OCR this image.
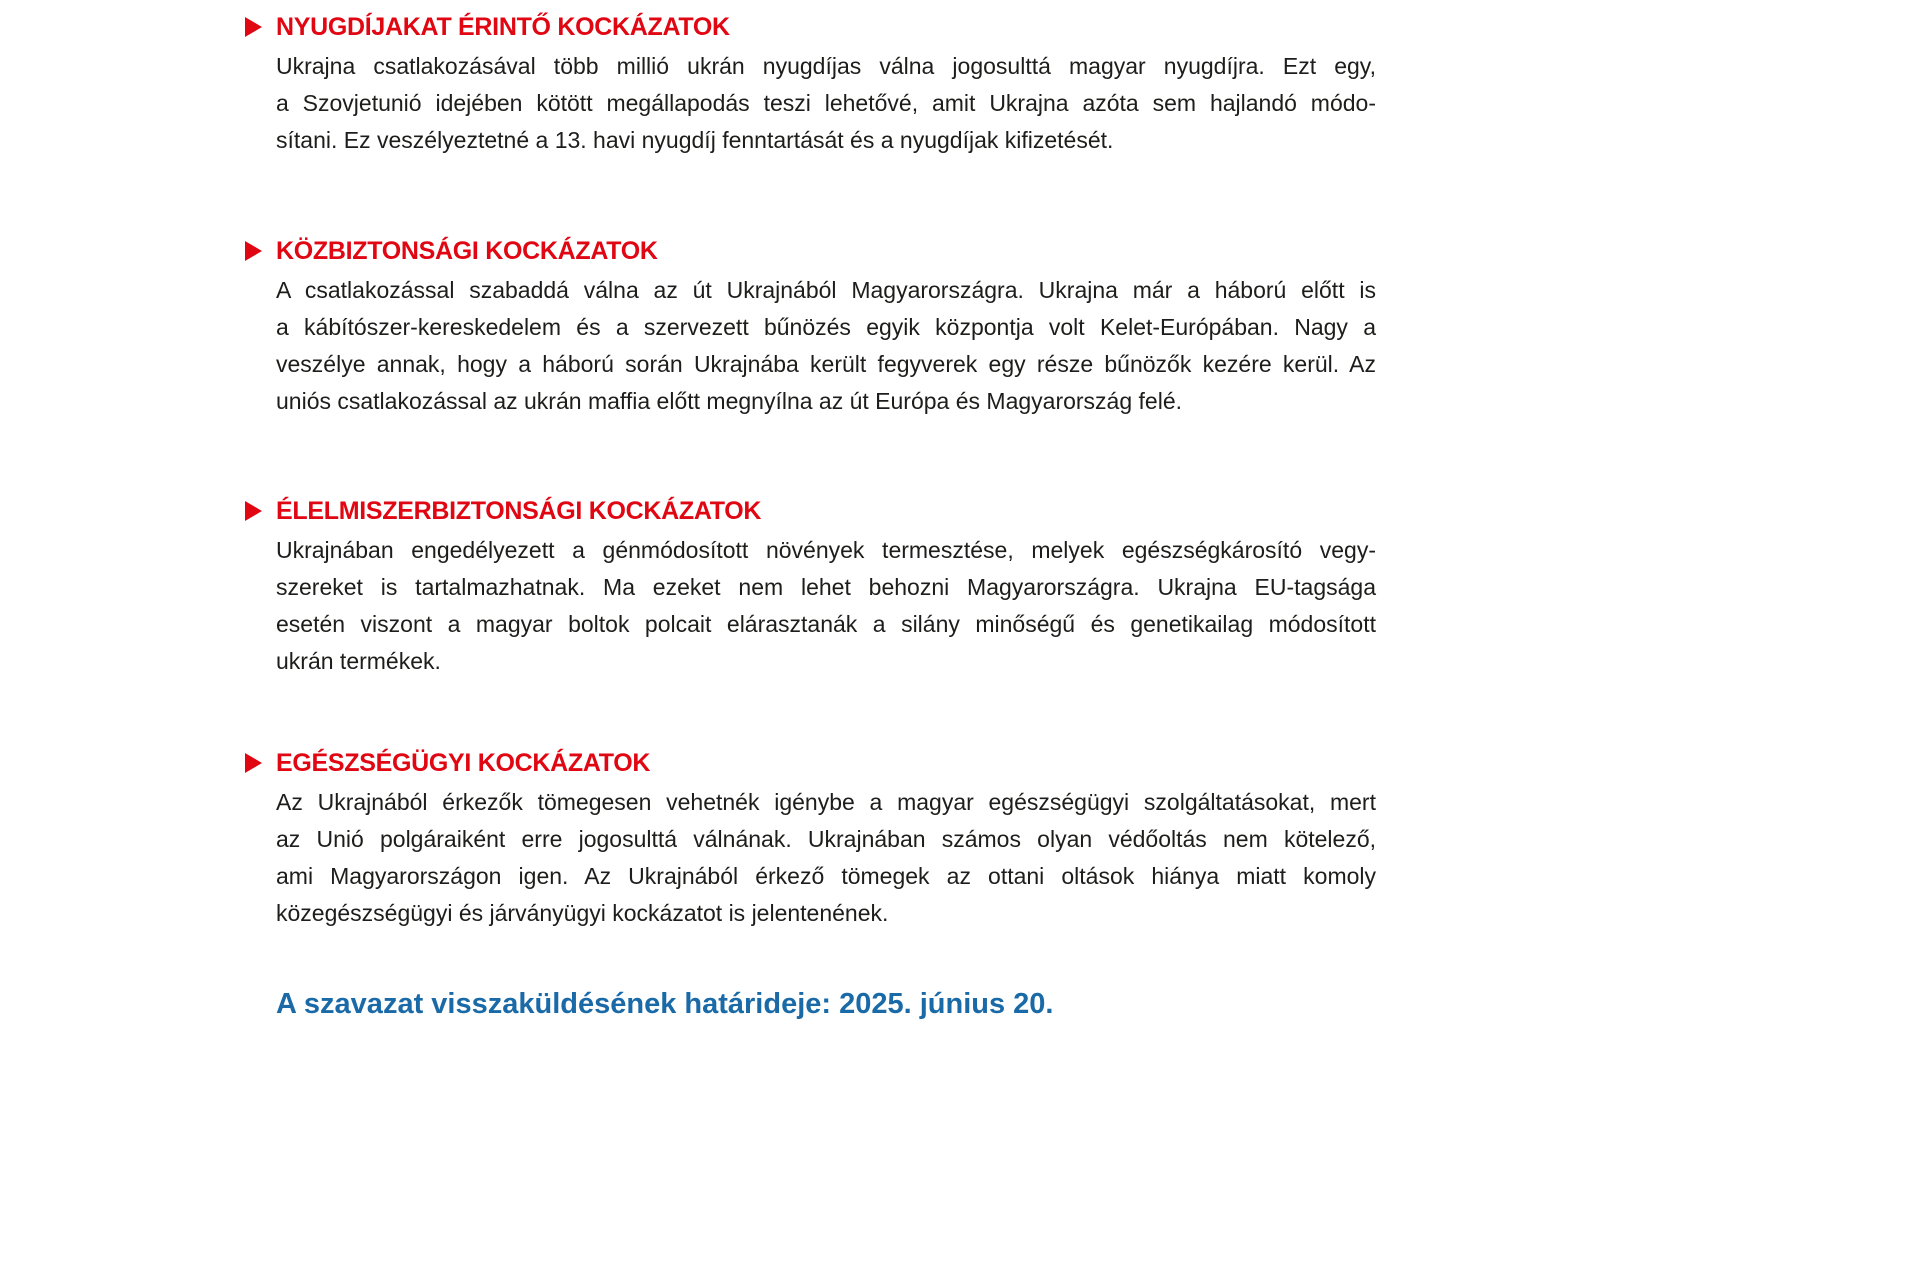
NYUGDÍJAKAT ÉRINTŐ KOCKÁZATOK
Ukrajna csatlakozásával több millió ukrán nyugdíjas válna jogosulttá magyar nyugdíjra. Ezt egy,
a Szovjetunió idejében kötött megállapodás teszi lehetővé, amit Ukrajna azóta sem hajlandó módo-
sítani. Ez veszélyeztetné a 13. havi nyugdíj fenntartását és a nyugdíjak kifizetését.
KÖZBIZTONSÁGI KOCKÁZATOK
A csatlakozással szabaddá válna az út Ukrajnából Magyarországra. Ukrajna már a háború előtt is
a kábítószer-kereskedelem és a szervezett bűnözés egyik központja volt Kelet-Európában. Nagy a
veszélye annak, hogy a háború során Ukrajnába került fegyverek egy része bűnözők kezére kerül. Az
uniós csatlakozással az ukrán maffia előtt megnyílna az út Európa és Magyarország felé.
ÉLELMISZERBIZTONSÁGI KOCKÁZATOK
Ukrajnában engedélyezett a génmódosított növények termesztése, melyek egészségkárosító vegy-
szereket is tartalmazhatnak. Ma ezeket nem lehet behozni Magyarországra. Ukrajna EU-tagsága
esetén viszont a magyar boltok polcait elárasztanák a silány minőségű és genetikailag módosított
ukrán termékek.
EGÉSZSÉGÜGYI KOCKÁZATOK
Az Ukrajnából érkezők tömegesen vehetnék igénybe a magyar egészségügyi szolgáltatásokat, mert
az Unió polgáraiként erre jogosulttá válnának. Ukrajnában számos olyan védőoltás nem kötelező,
ami Magyarországon igen. Az Ukrajnából érkező tömegek az ottani oltások hiánya miatt komoly
közegészségügyi és járványügyi kockázatot is jelentenének.
A szavazat visszaküldésének határideje: 2025. június 20.
